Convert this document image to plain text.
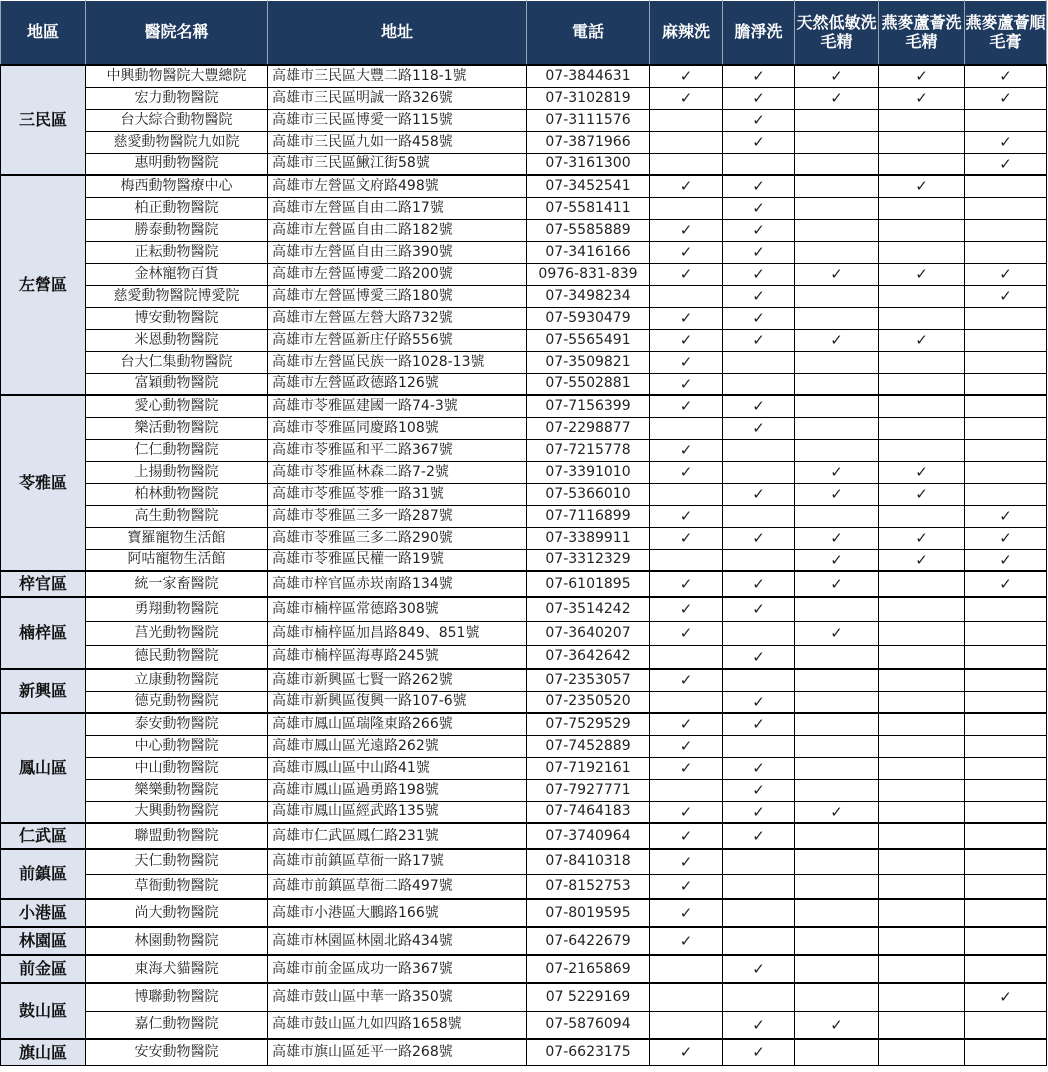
地區	醫院名稱	地址	電話	麻辣洗	膽淨洗	天然低敏洗毛精	燕麥蘆薈洗毛精	燕麥蘆薈順毛膏
三民區	中興動物醫院大豐總院	高雄市三民區大豐二路118-1號	07-3844631	✓	✓	✓	✓	✓
	宏力動物醫院	高雄市三民區明誠一路326號	07-3102819	✓	✓	✓	✓	✓
	台大綜合動物醫院	高雄市三民區博愛一路115號	07-3111576		✓			
	慈愛動物醫院九如院	高雄市三民區九如一路458號	07-3871966		✓			✓
	惠明動物醫院	高雄市三民區鰍江街58號	07-3161300					✓
左營區	梅西動物醫療中心	高雄市左營區文府路498號	07-3452541	✓	✓		✓	
	柏正動物醫院	高雄市左營區自由二路17號	07-5581411		✓			
	勝泰動物醫院	高雄市左營區自由二路182號	07-5585889	✓	✓			
	正耘動物醫院	高雄市左營區自由三路390號	07-3416166	✓	✓			
	金林寵物百貨	高雄市左營區博愛二路200號	0976-831-839	✓	✓	✓	✓	✓
	慈愛動物醫院博愛院	高雄市左營區博愛三路180號	07-3498234		✓			✓
	博安動物醫院	高雄市左營區左營大路732號	07-5930479	✓	✓			
	米恩動物醫院	高雄市左營區新庄仔路556號	07-5565491	✓	✓	✓	✓	
	台大仁集動物醫院	高雄市左營區民族一路1028-13號	07-3509821	✓				
	富穎動物醫院	高雄市左營區政德路126號	07-5502881	✓				
苓雅區	愛心動物醫院	高雄市苓雅區建國一路74-3號	07-7156399	✓	✓			
	樂活動物醫院	高雄市苓雅區同慶路108號	07-2298877		✓			
	仁仁動物醫院	高雄市苓雅區和平二路367號	07-7215778	✓				
	上揚動物醫院	高雄市苓雅區林森二路7-2號	07-3391010	✓		✓	✓	
	柏林動物醫院	高雄市苓雅區苓雅一路31號	07-5366010		✓	✓	✓	
	高生動物醫院	高雄市苓雅區三多一路287號	07-7116899	✓				✓
	寶羅寵物生活館	高雄市苓雅區三多二路290號	07-3389911	✓	✓	✓	✓	✓
	阿咕寵物生活館	高雄市苓雅區民權一路19號	07-3312329			✓	✓	✓
梓官區	統一家畜醫院	高雄市梓官區赤崁南路134號	07-6101895	✓	✓	✓		✓
楠梓區	勇翔動物醫院	高雄市楠梓區常德路308號	07-3514242	✓	✓			
	莒光動物醫院	高雄市楠梓區加昌路849、851號	07-3640207	✓		✓		
	德民動物醫院	高雄市楠梓區海專路245號	07-3642642		✓			
新興區	立康動物醫院	高雄市新興區七賢一路262號	07-2353057	✓				
	德克動物醫院	高雄市新興區復興一路107-6號	07-2350520		✓			
鳳山區	泰安動物醫院	高雄市鳳山區瑞隆東路266號	07-7529529	✓	✓			
	中心動物醫院	高雄市鳳山區光遠路262號	07-7452889	✓				
	中山動物醫院	高雄市鳳山區中山路41號	07-7192161	✓	✓			
	樂樂動物醫院	高雄市鳳山區過勇路198號	07-7927771		✓			
	大興動物醫院	高雄市鳳山區經武路135號	07-7464183	✓	✓	✓		
仁武區	聯盟動物醫院	高雄市仁武區鳳仁路231號	07-3740964	✓	✓			
前鎮區	天仁動物醫院	高雄市前鎮區草衙一路17號	07-8410318	✓				
	草衙動物醫院	高雄市前鎮區草衙二路497號	07-8152753	✓				
小港區	尚大動物醫院	高雄市小港區大鵬路166號	07-8019595	✓				
林園區	林園動物醫院	高雄市林園區林園北路434號	07-6422679	✓				
前金區	東海犬貓醫院	高雄市前金區成功一路367號	07-2165869		✓			
鼓山區	博聯動物醫院	高雄市鼓山區中華一路350號	07 5229169					✓
	嘉仁動物醫院	高雄市鼓山區九如四路1658號	07-5876094		✓	✓		
旗山區	安安動物醫院	高雄市旗山區延平一路268號	07-6623175	✓	✓			
